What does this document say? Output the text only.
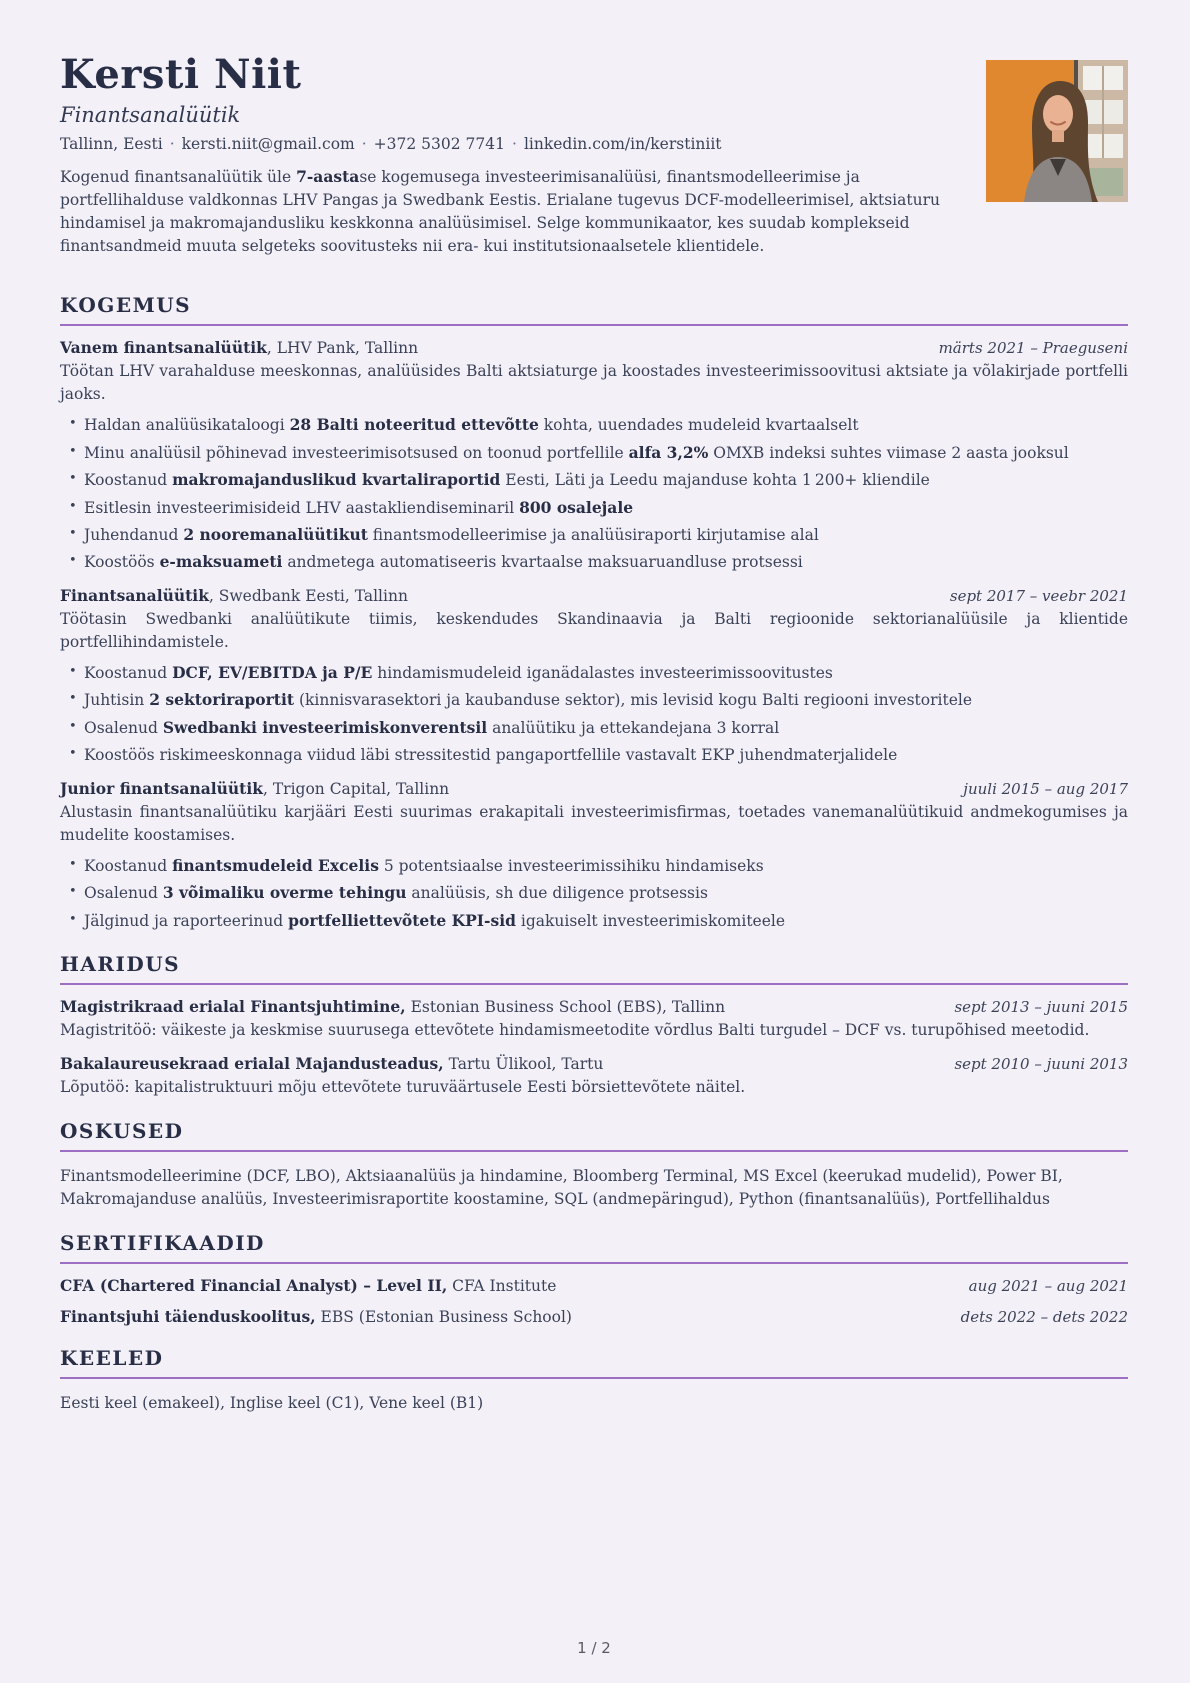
Kersti Niit
Finantsanalüütik
Tallinn, Eesti · kersti.niit@gmail.com · +372 5302 7741 · linkedin.com/in/kerstiniit

Kogenud finantsanalüütik üle 7-aastase kogemusega investeerimisanalüüsi, finantsmodelleerimise ja portfellihalduse valdkonnas LHV Pangas ja Swedbank Eestis. Erialane tugevus DCF-modelleerimisel, aktsiaturu hindamisel ja makromajandusliku keskkonna analüüsimisel. Selge kommunikaator, kes suudab komplekseid finantsandmeid muuta selgeteks soovitusteks nii era- kui institutsionaalsetele klientidele.

KOGEMUS
Vanem finantsanalüütik, LHV Pank, Tallinn	märts 2021 – Praeguseni

Töötan LHV varahalduse meeskonnas, analüüsides Balti aktsiaturge ja koostades investeerimissoovitusi aktsiate ja võlakirjade portfelli jaoks.

• Haldan analüüsikataloogi 28 Balti noteeritud ettevõtte kohta, uuendades mudeleid kvartaalselt
• Minu analüüsil põhinevad investeerimisotsused on toonud portfellile alfa 3,2% OMXB indeksi suhtes viimase 2 aasta jooksul
• Koostanud makromajanduslikud kvartaliraportid Eesti, Läti ja Leedu majanduse kohta 1 200+ kliendile
• Esitlesin investeerimisideid LHV aastakliendiseminaril 800 osalejale
• Juhendanud 2 nooremanalüütikut finantsmodelleerimise ja analüüsiraporti kirjutamise alal
• Koostöös e-maksuameti andmetega automatiseeris kvartaalse maksuaruandluse protsessi
Finantsanalüütik, Swedbank Eesti, Tallinn	sept 2017 – veebr 2021

Töötasin Swedbanki analüütikute tiimis, keskendudes Skandinaavia ja Balti regioonide sektorianalüüsile ja klientide portfellihindamistele.

• Koostanud DCF, EV/EBITDA ja P/E hindamismudeleid iganädalastes investeerimissoovitustes
• Juhtisin 2 sektoriraportit (kinnisvarasektori ja kaubanduse sektor), mis levisid kogu Balti regiooni investoritele
• Osalenud Swedbanki investeerimiskonverentsil analüütiku ja ettekandejana 3 korral
• Koostöös riskimeeskonnaga viidud läbi stressitestid pangaportfellile vastavalt EKP juhendmaterjalidele
Junior finantsanalüütik, Trigon Capital, Tallinn	juuli 2015 – aug 2017

Alustasin finantsanalüütiku karjääri Eesti suurimas erakapitali investeerimisfirmas, toetades vanemanalüütikuid andmekogumises ja mudelite koostamises.

• Koostanud finantsmudeleid Excelis 5 potentsiaalse investeerimissihiku hindamiseks
• Osalenud 3 võimaliku overme tehingu analüüsis, sh due diligence protsessis
• Jälginud ja raporteerinud portfelliettevõtete KPI-sid igakuiselt investeerimiskomiteele
HARIDUS
Magistrikraad erialal Finantsjuhtimine, Estonian Business School (EBS), Tallinn	sept 2013 – juuni 2015

Magistritöö: väikeste ja keskmise suurusega ettevõtete hindamismeetodite võrdlus Balti turgudel – DCF vs. turupõhised meetodid.

Bakalaureusekraad erialal Majandusteadus, Tartu Ülikool, Tartu	sept 2010 – juuni 2013

Lõputöö: kapitalistruktuuri mõju ettevõtete turuväärtusele Eesti börsiettevõtete näitel.

OSKUSED

Finantsmodelleerimine (DCF, LBO), Aktsiaanalüüs ja hindamine, Bloomberg Terminal, MS Excel (keerukad mudelid), Power BI, Makromajanduse analüüs, Investeerimisraportite koostamine, SQL (andmepäringud), Python (finantsanalüüs), Portfellihaldus

SERTIFIKAADID
CFA (Chartered Financial Analyst) – Level II, CFA Institute	aug 2021 – aug 2021
Finantsjuhi täienduskoolitus, EBS (Estonian Business School)	dets 2022 – dets 2022
KEELED

Eesti keel (emakeel), Inglise keel (C1), Vene keel (B1)

1 / 2
